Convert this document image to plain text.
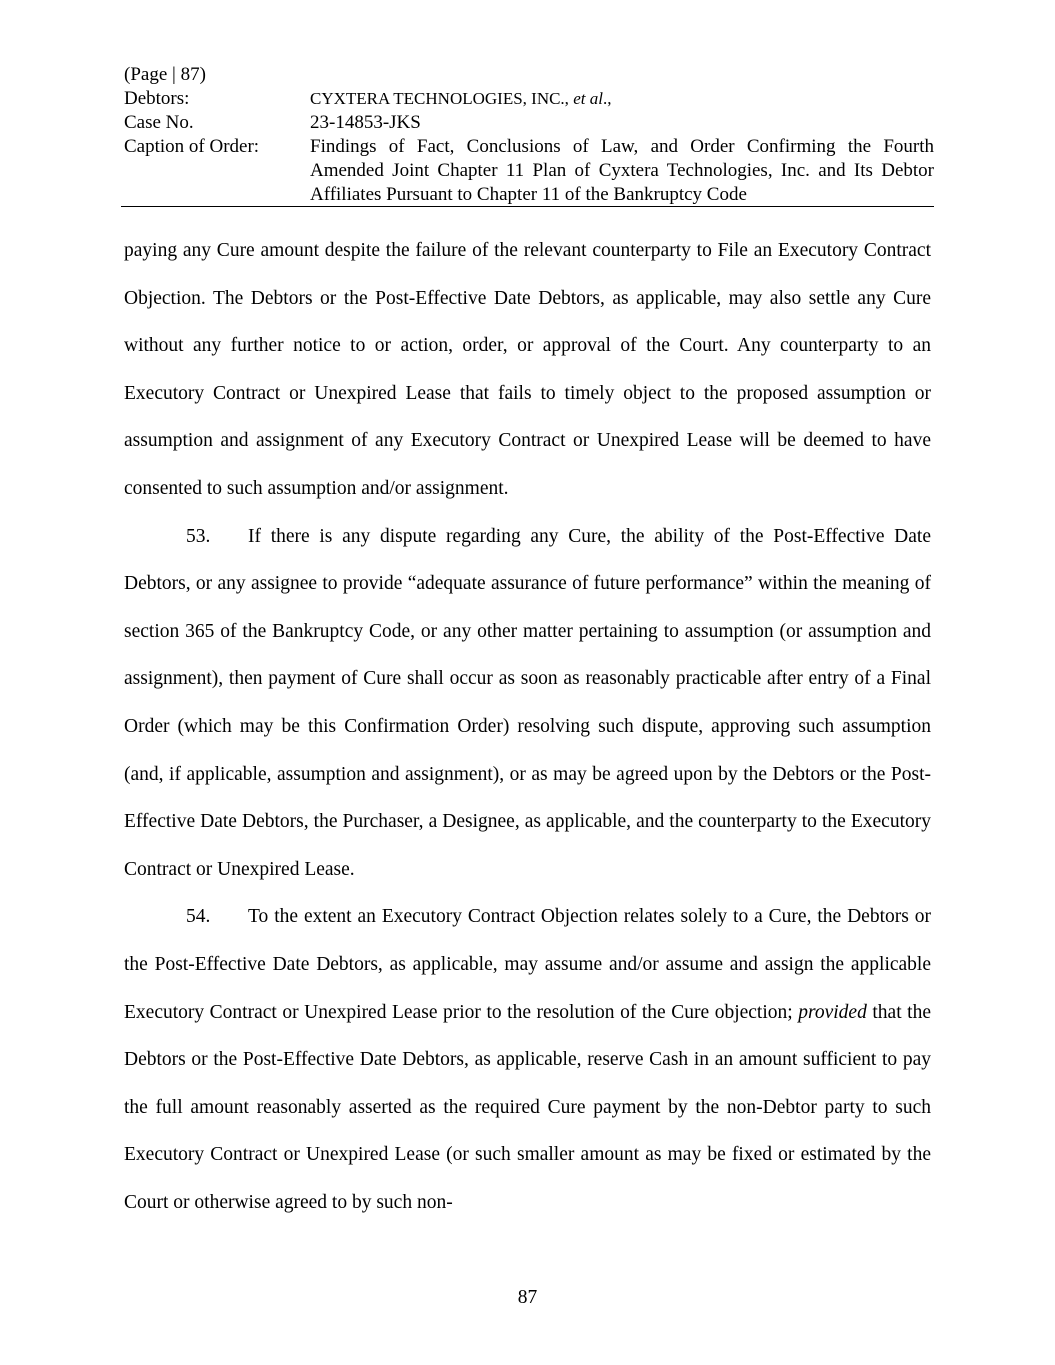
(Page | 87)
Debtors:	CYXTERA TECHNOLOGIES, INC., et al.,
Case No.	23-14853-JKS
Caption of Order:	Findings of Fact, Conclusions of Law, and Order Confirming the Fourth Amended Joint Chapter 11 Plan of Cyxtera Technologies, Inc. and Its Debtor Affiliates Pursuant to Chapter 11 of the Bankruptcy Code

paying any Cure amount despite the failure of the relevant counterparty to File an Executory Contract Objection. The Debtors or the Post-Effective Date Debtors, as applicable, may also settle any Cure without any further notice to or action, order, or approval of the Court. Any counterparty to an Executory Contract or Unexpired Lease that fails to timely object to the proposed assumption or assumption and assignment of any Executory Contract or Unexpired Lease will be deemed to have consented to such assumption and/or assignment.

53. If there is any dispute regarding any Cure, the ability of the Post-Effective Date Debtors, or any assignee to provide “adequate assurance of future performance” within the meaning of section 365 of the Bankruptcy Code, or any other matter pertaining to assumption (or assumption and assignment), then payment of Cure shall occur as soon as reasonably practicable after entry of a Final Order (which may be this Confirmation Order) resolving such dispute, approving such assumption (and, if applicable, assumption and assignment), or as may be agreed upon by the Debtors or the Post-Effective Date Debtors, the Purchaser, a Designee, as applicable, and the counterparty to the Executory Contract or Unexpired Lease.

54. To the extent an Executory Contract Objection relates solely to a Cure, the Debtors or the Post-Effective Date Debtors, as applicable, may assume and/or assume and assign the applicable Executory Contract or Unexpired Lease prior to the resolution of the Cure objection; provided that the Debtors or the Post-Effective Date Debtors, as applicable, reserve Cash in an amount sufficient to pay the full amount reasonably asserted as the required Cure payment by the non-Debtor party to such Executory Contract or Unexpired Lease (or such smaller amount as may be fixed or estimated by the Court or otherwise agreed to by such non-

87
